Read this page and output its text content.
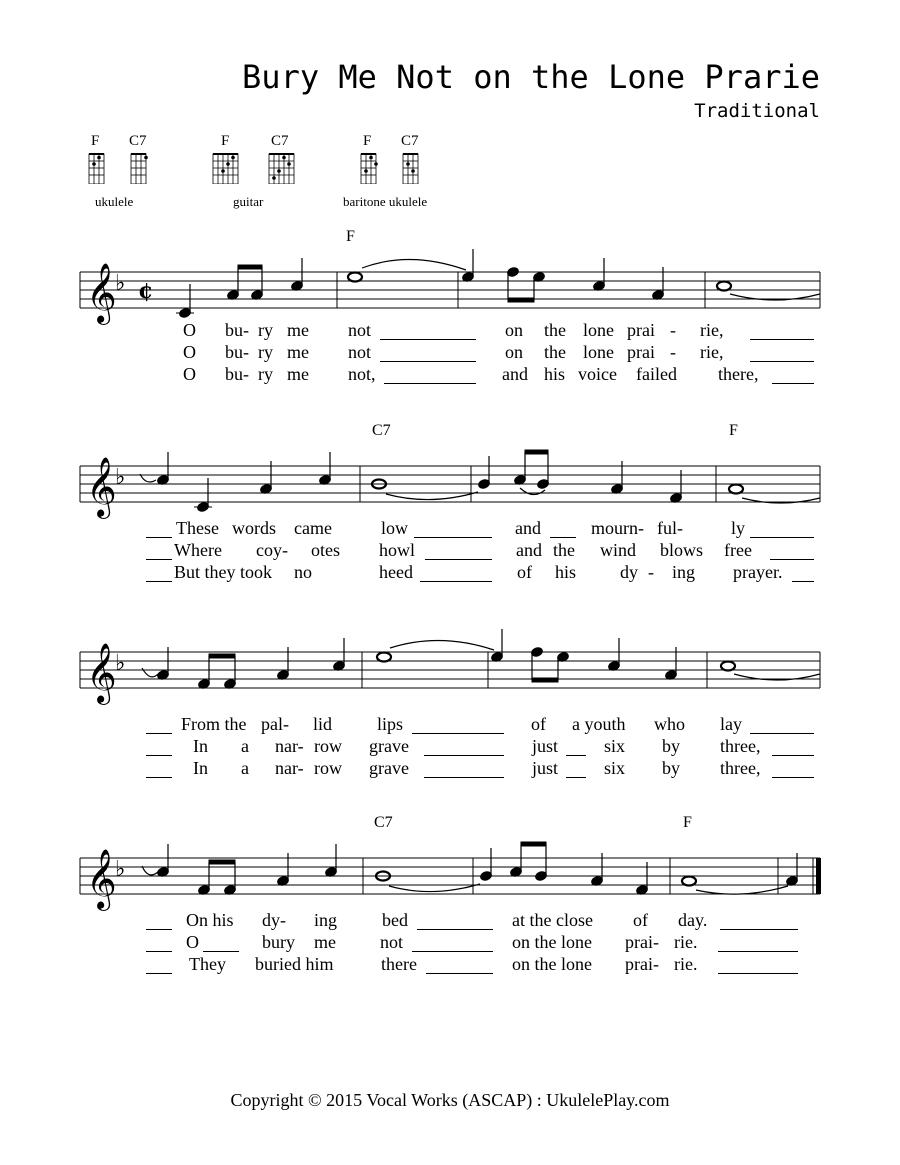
Bury Me Not on the Lone Prarie
Traditional
F C7
ukulele
F	C7
guitar
F C7
baritone ukulele
F
𝄞
♭ ¢
O bu- ry me not	on the lone prai - rie,
O bu- ry me not	on the lone prai - rie,
O bu- ry me not,	and his voice failed there,
C7	F
𝄞
♭
These words came	low	and	mourn- ful-	ly
Where coy- otes howl	and the wind blows free
But they took no	heed	of his dy - ing prayer.
𝄞
♭
From the pal- lid lips	of a youth who lay
In a nar- row grave	just	six by three,
In a nar- row grave	just	six by three,
C7	F
𝄞
♭
On his dy- ing bed	at the close of day.
O	bury me not	on the lone prai- rie.
They buried him	there	on the lone prai- rie.
Copyright © 2015 Vocal Works (ASCAP) : UkulelePlay.com
